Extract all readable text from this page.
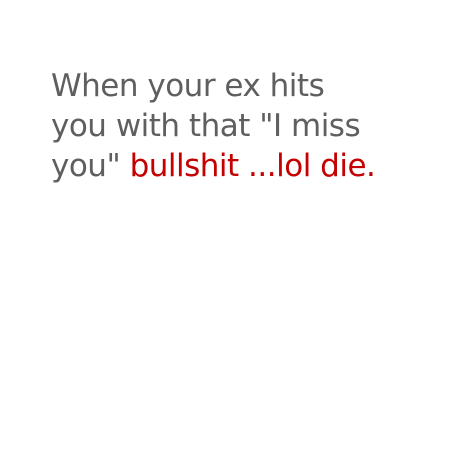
When your ex hits
you with that "I miss
you" bullshit ...lol die.
